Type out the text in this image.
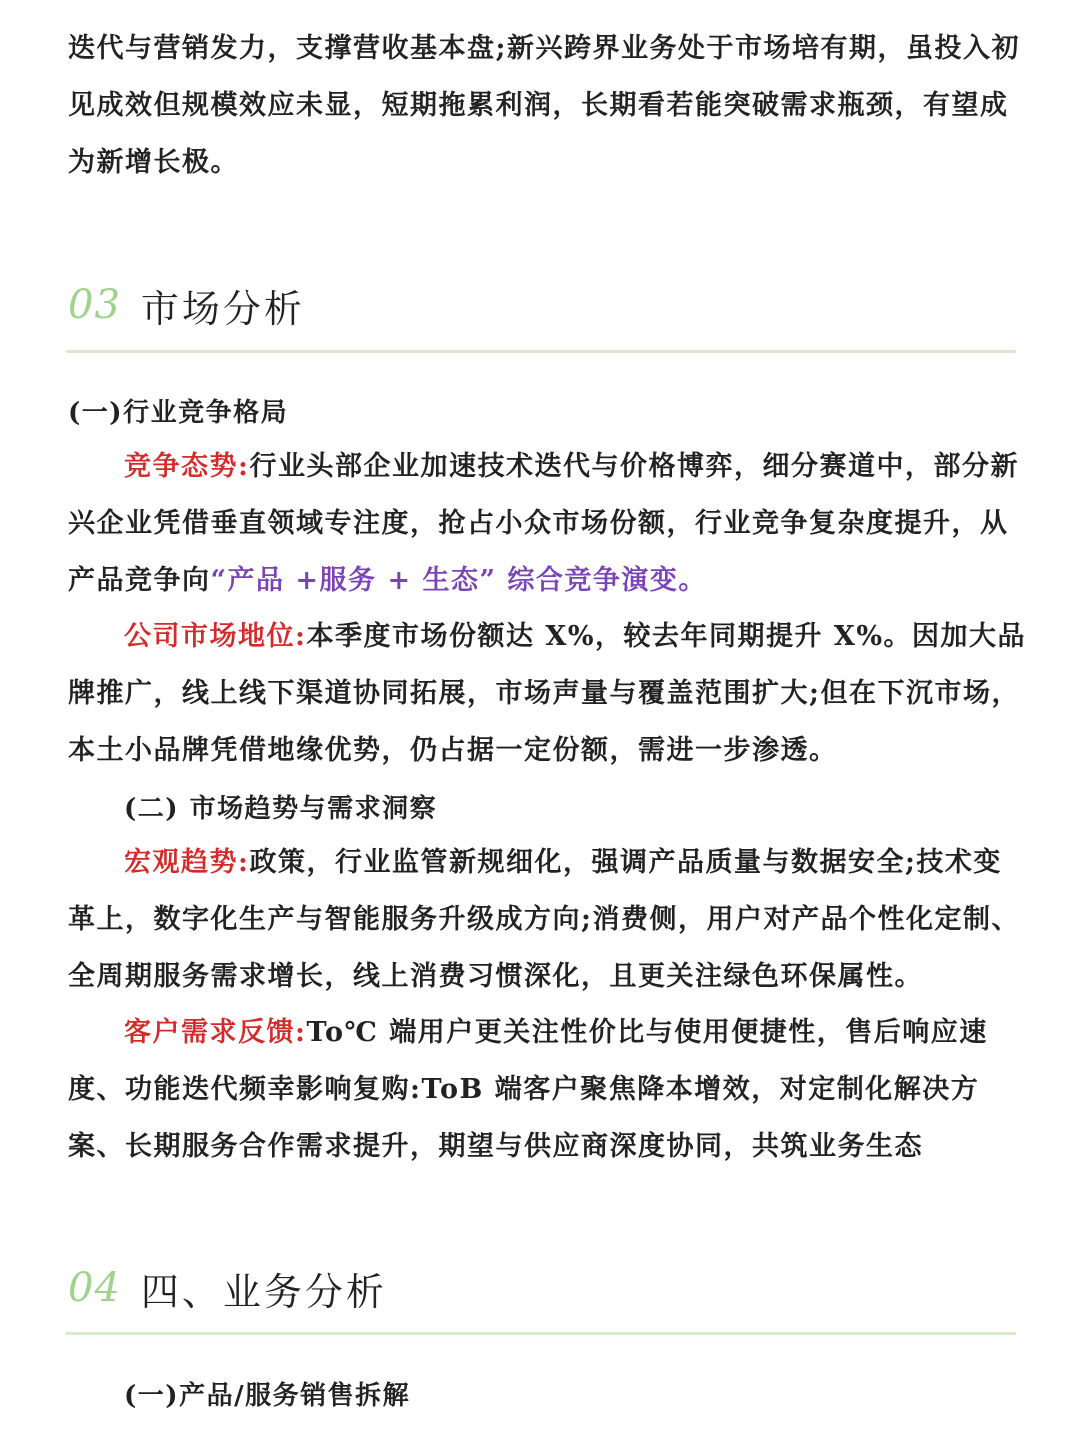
迭代与营销发力，支撑营收基本盘;新兴跨界业务处于市场培有期，虽投入初见成效但规模效应未显，短期拖累利润，长期看若能突破需求瓶颈，有望成为新增长极。

03 市场分析

(一)行业竞争格局

竞争态势:行业头部企业加速技术迭代与价格博弈，细分赛道中，部分新兴企业凭借垂直领域专注度，抢占小众市场份额，行业竞争复杂度提升，从产品竞争向“产品 +服务 + 生态” 综合竞争演变。

公司市场地位:本季度市场份额达 X%，较去年同期提升 X%。因加大品牌推广，线上线下渠道协同拓展，市场声量与覆盖范围扩大;但在下沉市场，本土小品牌凭借地缘优势，仍占据一定份额，需进一步渗透。

(二) 市场趋势与需求洞察

宏观趋势:政策，行业监管新规细化，强调产品质量与数据安全;技术变革上，数字化生产与智能服务升级成方向;消费侧，用户对产品个性化定制、全周期服务需求增长，线上消费习惯深化，且更关注绿色环保属性。

客户需求反馈:To℃ 端用户更关注性价比与使用便捷性，售后响应速度、功能迭代频幸影响复购:ToB 端客户聚焦降本增效，对定制化解决方案、长期服务合作需求提升，期望与供应商深度协同，共筑业务生态

04 四、业务分析

(一)产品/服务销售拆解
